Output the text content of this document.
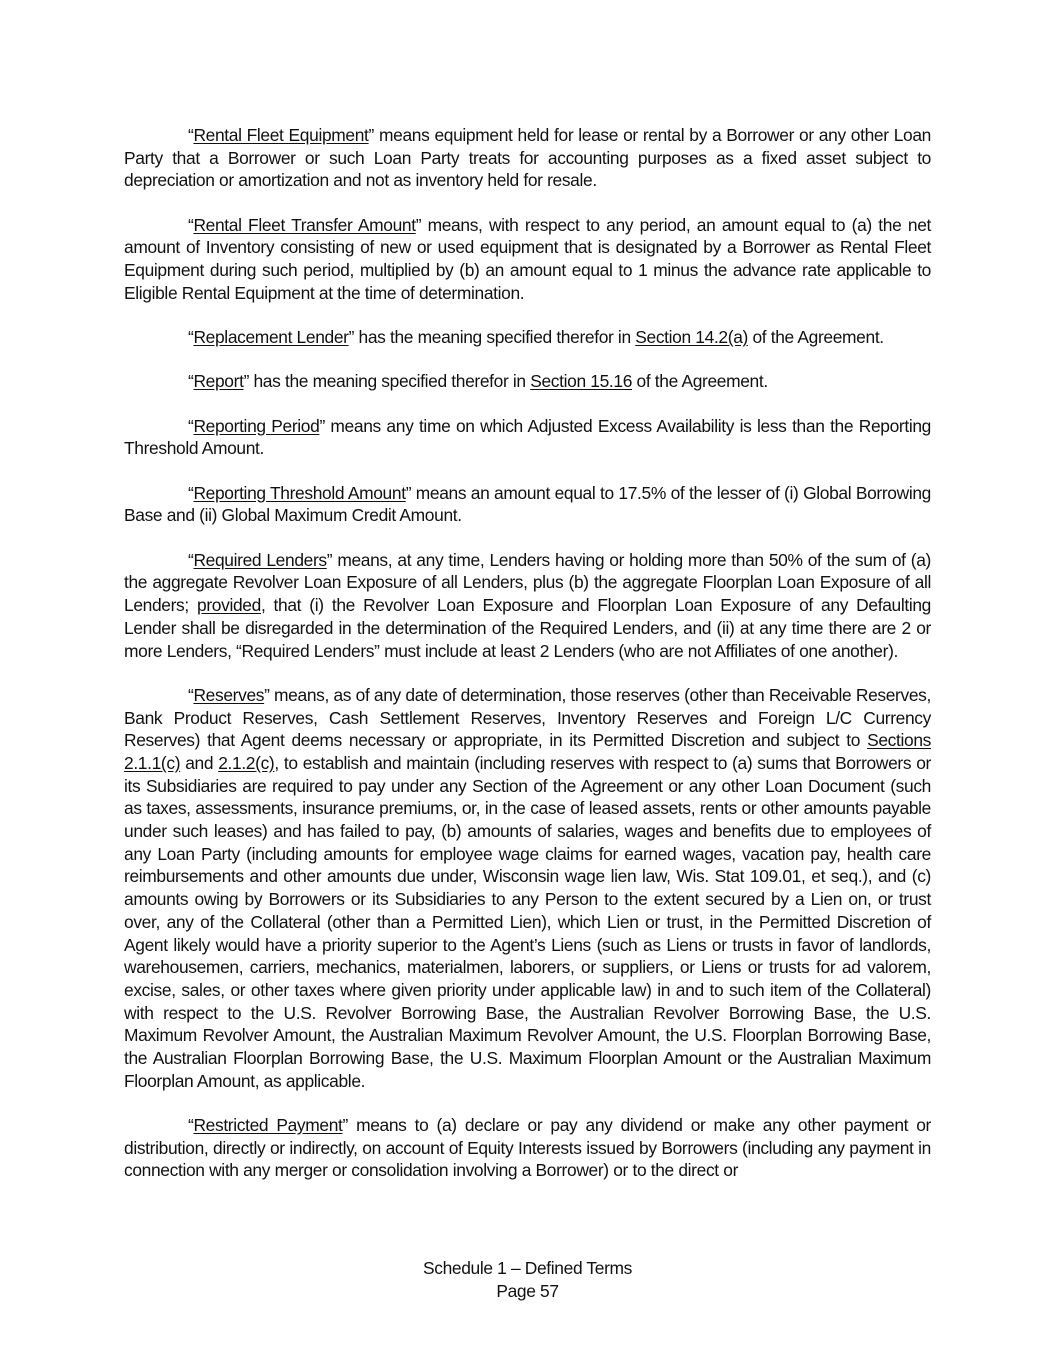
“Rental Fleet Equipment” means equipment held for lease or rental by a Borrower or any other Loan Party that a Borrower or such Loan Party treats for accounting purposes as a fixed asset subject to depreciation or amortization and not as inventory held for resale.

“Rental Fleet Transfer Amount” means, with respect to any period, an amount equal to (a) the net amount of Inventory consisting of new or used equipment that is designated by a Borrower as Rental Fleet Equipment during such period, multiplied by (b) an amount equal to 1 minus the advance rate applicable to Eligible Rental Equipment at the time of determination.

“Replacement Lender” has the meaning specified therefor in Section 14.2(a) of the Agreement.

“Report” has the meaning specified therefor in Section 15.16 of the Agreement.

“Reporting Period” means any time on which Adjusted Excess Availability is less than the Reporting Threshold Amount.

“Reporting Threshold Amount” means an amount equal to 17.5% of the lesser of (i) Global Borrowing Base and (ii) Global Maximum Credit Amount.

“Required Lenders” means, at any time, Lenders having or holding more than 50% of the sum of (a) the aggregate Revolver Loan Exposure of all Lenders, plus (b) the aggregate Floorplan Loan Exposure of all Lenders; provided, that (i) the Revolver Loan Exposure and Floorplan Loan Exposure of any Defaulting Lender shall be disregarded in the determination of the Required Lenders, and (ii) at any time there are 2 or more Lenders, “Required Lenders” must include at least 2 Lenders (who are not Affiliates of one another).

“Reserves” means, as of any date of determination, those reserves (other than Receivable Reserves, Bank Product Reserves, Cash Settlement Reserves, Inventory Reserves and Foreign L/C Currency Reserves) that Agent deems necessary or appropriate, in its Permitted Discretion and subject to Sections 2.1.1(c) and 2.1.2(c), to establish and maintain (including reserves with respect to (a) sums that Borrowers or its Subsidiaries are required to pay under any Section of the Agreement or any other Loan Document (such as taxes, assessments, insurance premiums, or, in the case of leased assets, rents or other amounts payable under such leases) and has failed to pay, (b) amounts of salaries, wages and benefits due to employees of any Loan Party (including amounts for employee wage claims for earned wages, vacation pay, health care reimbursements and other amounts due under, Wisconsin wage lien law, Wis. Stat 109.01, et seq.), and (c) amounts owing by Borrowers or its Subsidiaries to any Person to the extent secured by a Lien on, or trust over, any of the Collateral (other than a Permitted Lien), which Lien or trust, in the Permitted Discretion of Agent likely would have a priority superior to the Agent’s Liens (such as Liens or trusts in favor of landlords, warehousemen, carriers, mechanics, materialmen, laborers, or suppliers, or Liens or trusts for ad valorem, excise, sales, or other taxes where given priority under applicable law) in and to such item of the Collateral) with respect to the U.S. Revolver Borrowing Base, the Australian Revolver Borrowing Base, the U.S. Maximum Revolver Amount, the Australian Maximum Revolver Amount, the U.S. Floorplan Borrowing Base, the Australian Floorplan Borrowing Base, the U.S. Maximum Floorplan Amount or the Australian Maximum Floorplan Amount, as applicable.

“Restricted Payment” means to (a) declare or pay any dividend or make any other payment or distribution, directly or indirectly, on account of Equity Interests issued by Borrowers (including any payment in connection with any merger or consolidation involving a Borrower) or to the direct or

Schedule 1 – Defined Terms
Page 57
